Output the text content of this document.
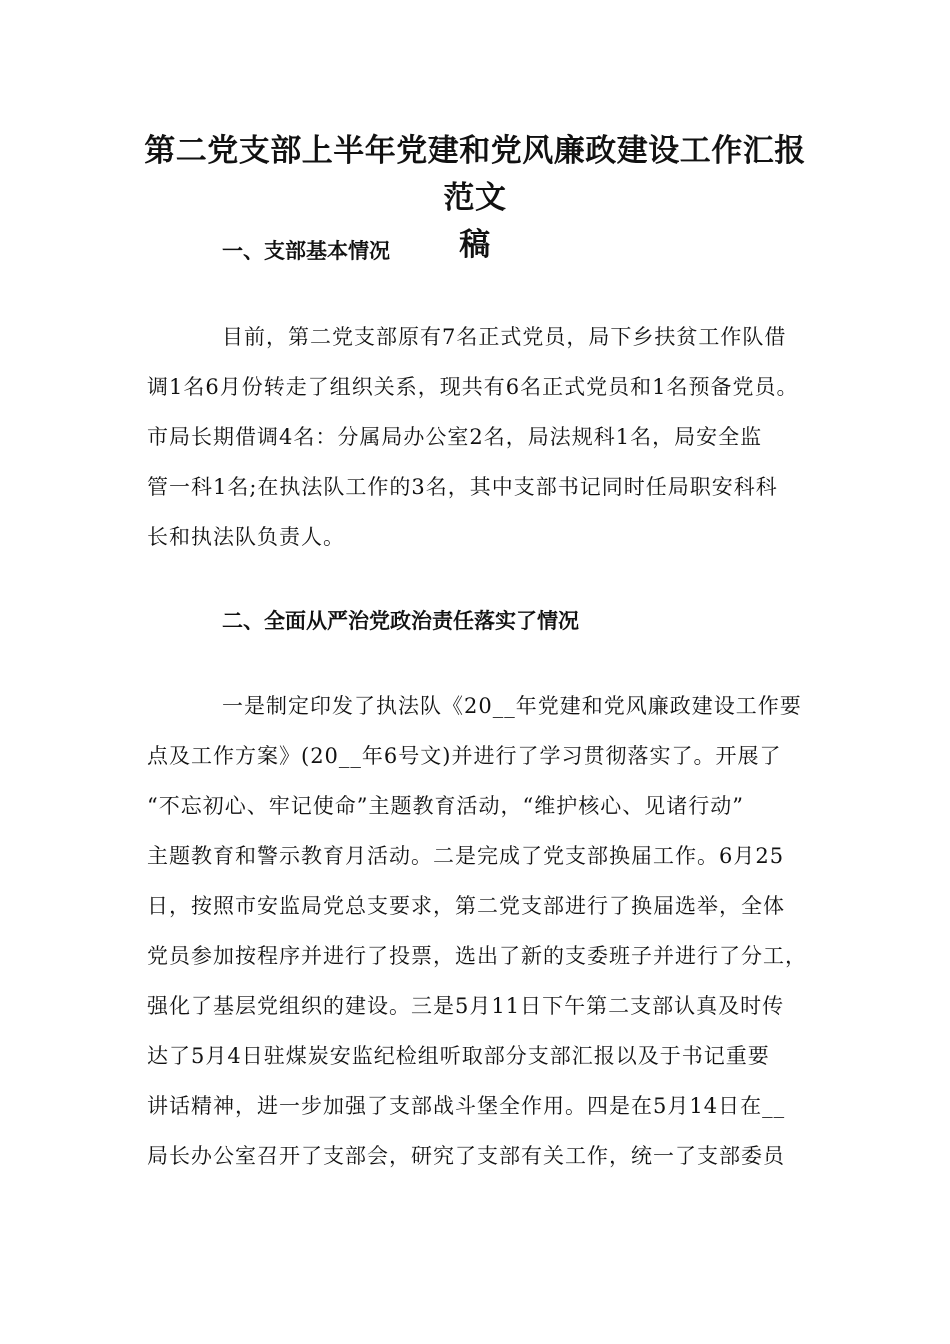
第二党支部上半年党建和党风廉政建设工作汇报范文
稿
一、支部基本情况
目前，第二党支部原有7名正式党员，局下乡扶贫工作队借
调1名6月份转走了组织关系，现共有6名正式党员和1名预备党员。
市局长期借调4名：分属局办公室2名，局法规科1名，局安全监
管一科1名;在执法队工作的3名，其中支部书记同时任局职安科科
长和执法队负责人。
二、全面从严治党政治责任落实了情况
一是制定印发了执法队《20__年党建和党风廉政建设工作要
点及工作方案》(20__年6号文)并进行了学习贯彻落实了。开展了
“不忘初心、牢记使命”主题教育活动，“维护核心、见诸行动”
主题教育和警示教育月活动。二是完成了党支部换届工作。6月25
日，按照市安监局党总支要求，第二党支部进行了换届选举，全体
党员参加按程序并进行了投票，选出了新的支委班子并进行了分工，
强化了基层党组织的建设。三是5月11日下午第二支部认真及时传
达了5月4日驻煤炭安监纪检组听取部分支部汇报以及于书记重要
讲话精神，进一步加强了支部战斗堡全作用。四是在5月14日在__
局长办公室召开了支部会，研究了支部有关工作，统一了支部委员
